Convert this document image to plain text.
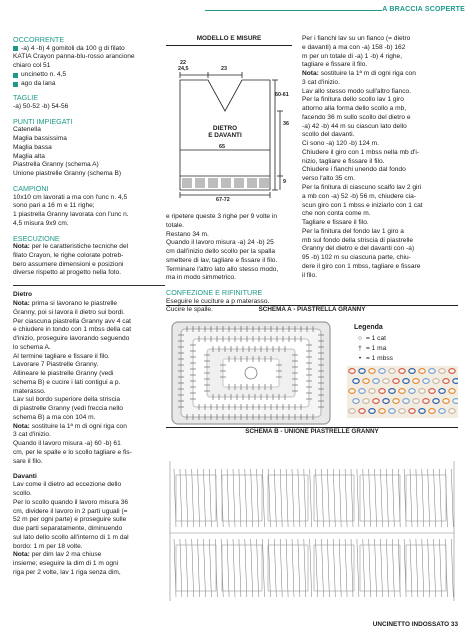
A BRACCIA SCOPERTE
OCCORRENTE
-a) 4 -b) 4 gomitoli da 100 g di filato
KATIA Crayon panna-blu-rosso arancione
chiaro col 51
uncinetto n. 4,5
ago da lana
TAGLIE
-a) 50-52 -b) 54-56
PUNTI IMPIEGATI
Catenella
Maglia bassissima
Maglia bassa
Maglia alta
Piastrella Granny (schema A)
Unione piastrelle Granny (schema B)
CAMPIONI
10x10 cm lavorati a ma con l'unc n. 4,5
sono pari a 16 m e 11 righe;
1 piastrella Granny lavorata con l'unc n.
4,5 misura 9x9 cm.
ESECUZIONE
Nota: per le caratteristiche tecniche del
filato Crayon, le righe colorate potreb-
bero assumere dimensioni e posizioni
diverse rispetto al progetto nella foto.
Dietro
Nota: prima si lavorano le piastrelle
Granny, poi si lavora il dietro sui bordi.
Per ciascuna piastrella Granny avv 4 cat
e chiudere in tondo con 1 mbss della cat
d'inizio, proseguire lavorando seguendo
lo schema A.
Al termine tagliare e fissare il filo.
Lavorare 7 Piastrelle Granny.
Allineare le piastrelle Granny (vedi
schema B) e cucire i lati contigui a p.
materasso.
Lav sul bordo superiore della striscia
di piastrelle Granny (vedi freccia nello
schema B) a ma con 104 m.
Nota: sostituire la 1ª m di ogni riga con
3 cat d'inizio.
Quando il lavoro misura -a) 60 -b) 61
cm, per le spalle e lo scollo tagliare e fis-
sare il filo.
Davanti
Lav come il dietro ad eccezione dello
scollo.
Per lo scollo quando il lavoro misura 36
cm, dividere il lavoro in 2 parti uguali (=
52 m per ogni parte) e proseguire sulle
due parti separatamente, diminuendo
sul lato dello scollo all'interno di 1 m dal
bordo: 1 m per 18 volte.
Nota: per dim lav 2 ma chiuse
insieme; eseguire la dim di 1 m ogni
riga per 2 volte, lav 1 riga senza dim,
MODELLO E MISURE
22
24,5	23
60-61
36
9
65
67-72
DIETRO
E DAVANTI
e ripetere queste 3 righe per 9 volte in
totale.
Restano 34 m.
Quando il lavoro misura -a) 24 -b) 25
cm dall'inizio dello scollo per la spalla
smettere di lav, tagliare e fissare il filo.
Terminare l'altro lato allo stesso modo,
ma in modo simmetrico.
CONFEZIONE E RIFINITURE
Eseguire le cuciture a p materasso.
Cucire le spalle.
Per i fianchi lav su un fianco (= dietro
e davanti) a ma con -a) 158 -b) 162
m per un totale di -a) 1 -b) 4 righe,
tagliare e fissare il filo.
Nota: sostituire la 1ª m di ogni riga con
3 cat d'inizio.
Lav allo stesso modo sull'altro fianco.
Per la finitura dello scollo lav 1 giro
attorno alla forma dello scollo a mb,
facendo 36 m sullo scollo del dietro e
-a) 42 -b) 44 m su ciascun lato dello
scollo del davanti.
Ci sono -a) 120 -b) 124 m.
Chiudere il giro con 1 mbss nella mb d'i-
nizio, tagliare e fissare il filo.
Chiudere i fianchi unendo dal fondo
verso l'alto 35 cm.
Per la finitura di ciascuno scalfo lav 2 giri
a mb con -a) 52 -b) 56 m, chiudere cia-
scun giro con 1 mbss e iniziarlo con 1 cat
che non conta come m.
Tagliare e fissare il filo.
Per la finitura del fondo lav 1 giro a
mb sul fondo della striscia di piastrelle
Granny del dietro e del davanti con -a)
95 -b) 102 m su ciascuna parte, chiu-
dere il giro con 1 mbss, tagliare e fissare
il filo.
SCHEMA A - PIASTRELLA GRANNY
Legenda
○ = 1 cat
† = 1 ma
• = 1 mbss
SCHEMA B - UNIONE PIASTRELLE GRANNY
UNCINETTO INDOSSATO 33
